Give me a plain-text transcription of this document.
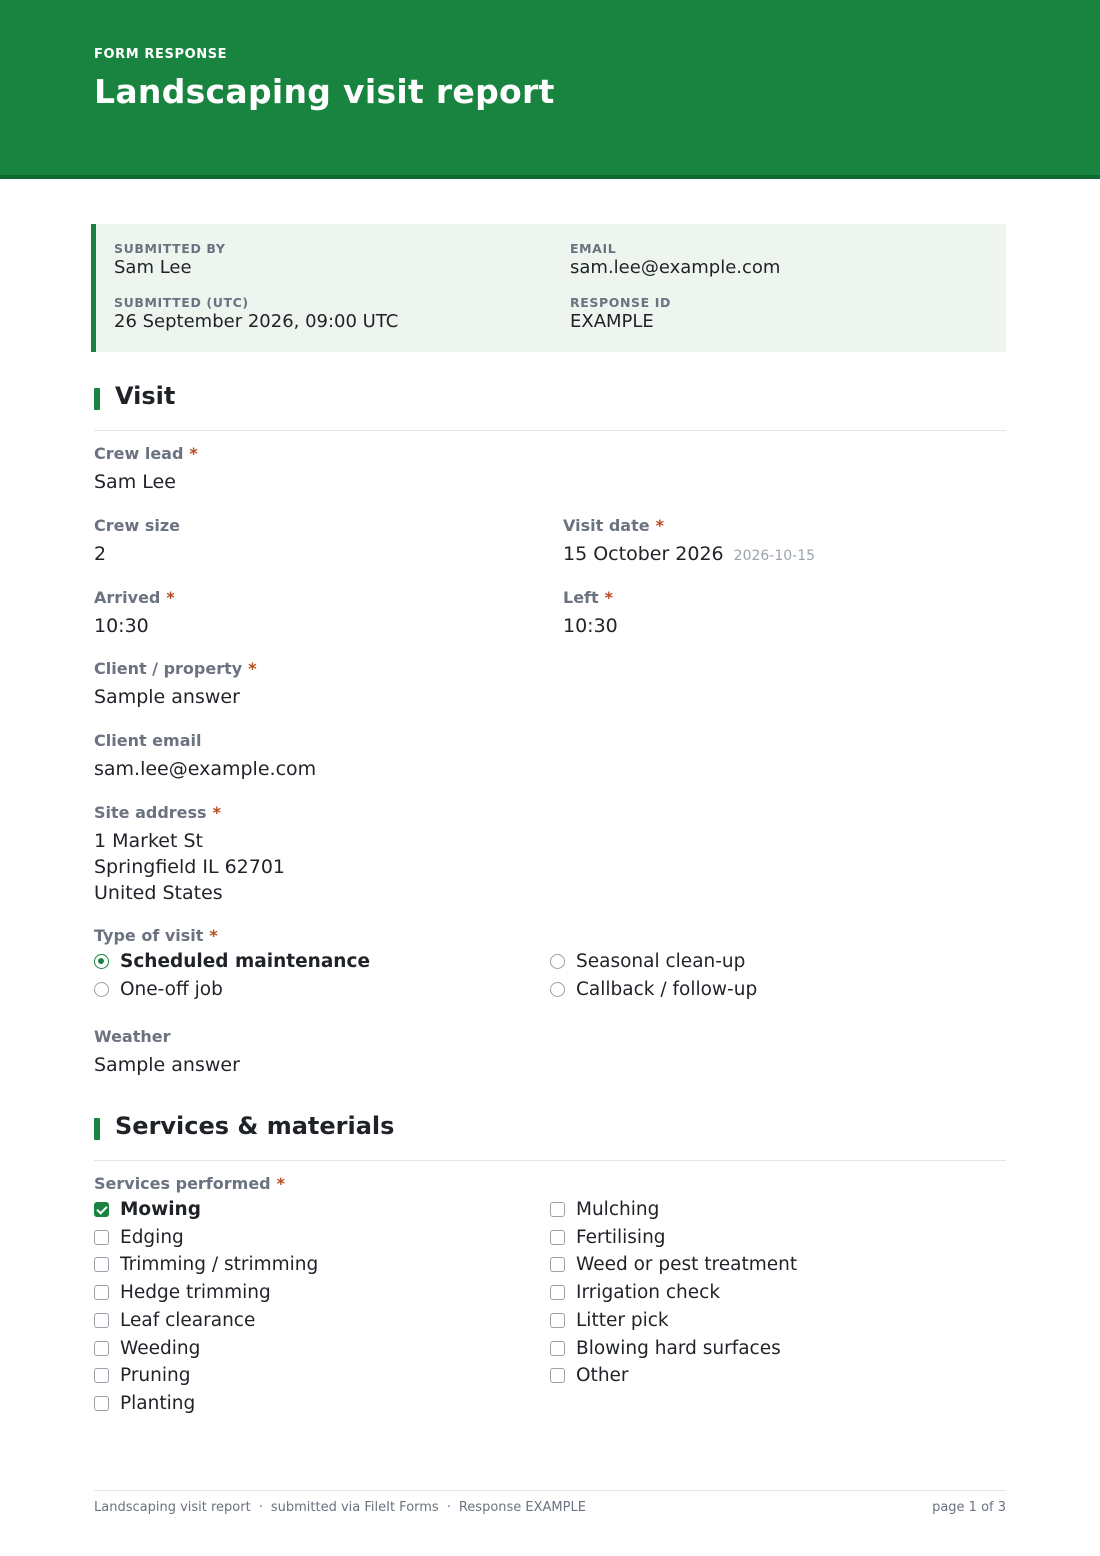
FORM RESPONSE
Landscaping visit report
SUBMITTED BY
Sam Lee
EMAIL
sam.lee@example.com
SUBMITTED (UTC)
26 September 2026, 09:00 UTC
RESPONSE ID
EXAMPLE
Visit
Crew lead *
Sam Lee
Crew size
2
Visit date *
15 October 2026 2026-10-15
Arrived *
10:30
Left *
10:30
Client / property *
Sample answer
Client email
sam.lee@example.com
Site address *
1 Market St
Springfield IL 62701
United States
Type of visit *
Scheduled maintenance	Seasonal clean-up
One-off job	Callback / follow-up
Weather
Sample answer
Services & materials
Services performed *
Mowing
Edging
Trimming / strimming
Hedge trimming
Leaf clearance
Weeding
Pruning
Planting
Mulching
Fertilising
Weed or pest treatment
Irrigation check
Litter pick
Blowing hard surfaces
Other
Landscaping visit report · submitted via FileIt Forms · Response EXAMPLE	page 1 of 3
